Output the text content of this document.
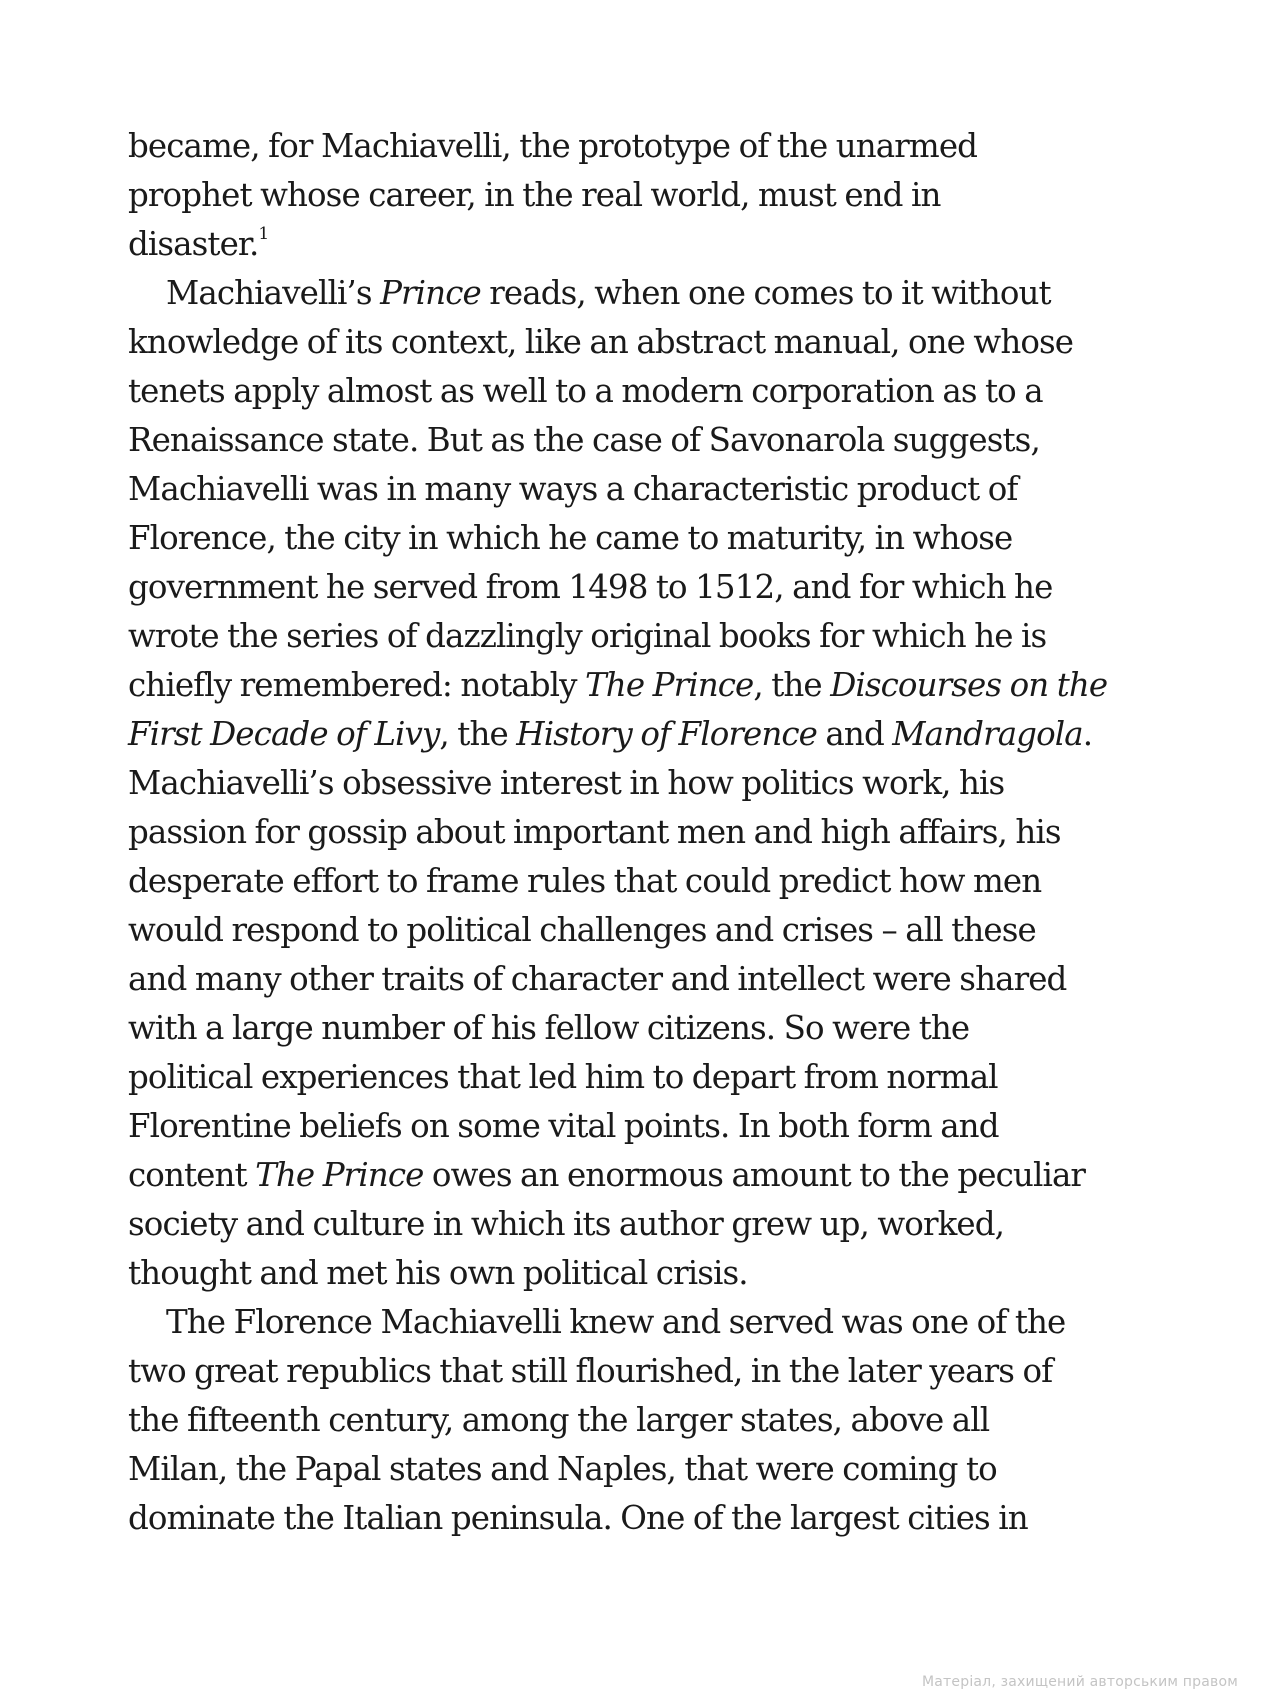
became, for Machiavelli, the prototype of the unarmed
prophet whose career, in the real world, must end in
disaster.$^1$

Machiavelli’s Prince reads, when one comes to it without
knowledge of its context, like an abstract manual, one whose
tenets apply almost as well to a modern corporation as to a
Renaissance state. But as the case of Savonarola suggests,
Machiavelli was in many ways a characteristic product of
Florence, the city in which he came to maturity, in whose
government he served from 1498 to 1512, and for which he
wrote the series of dazzlingly original books for which he is
chiefly remembered: notably The Prince, the Discourses on the
First Decade of Livy, the History of Florence and Mandragola.
Machiavelli’s obsessive interest in how politics work, his
passion for gossip about important men and high affairs, his
desperate effort to frame rules that could predict how men
would respond to political challenges and crises – all these
and many other traits of character and intellect were shared
with a large number of his fellow citizens. So were the
political experiences that led him to depart from normal
Florentine beliefs on some vital points. In both form and
content The Prince owes an enormous amount to the peculiar
society and culture in which its author grew up, worked,
thought and met his own political crisis.

The Florence Machiavelli knew and served was one of the
two great republics that still flourished, in the later years of
the fifteenth century, among the larger states, above all
Milan, the Papal states and Naples, that were coming to
dominate the Italian peninsula. One of the largest cities in

Матеріал, захищений авторським правом
